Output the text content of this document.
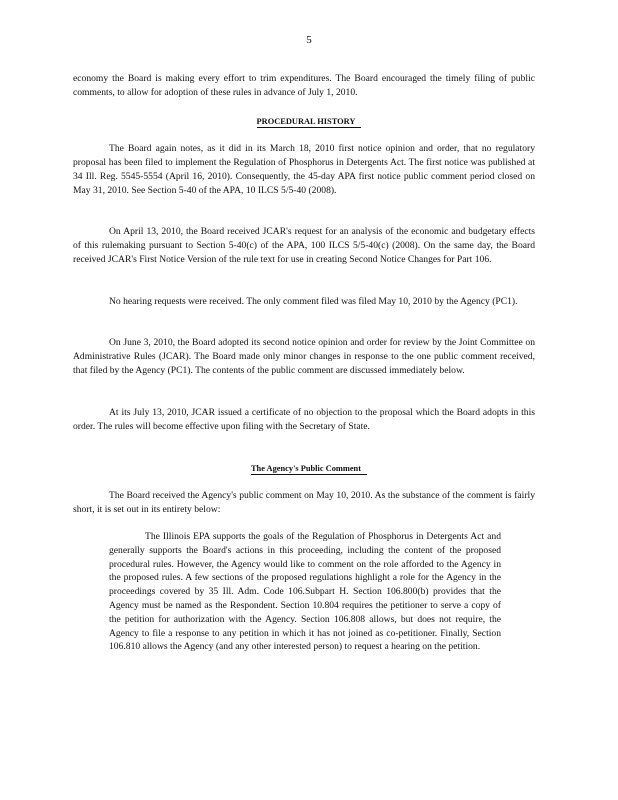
5

economy the Board is making every effort to trim expenditures. The Board encouraged the timely filing of public comments, to allow for adoption of these rules in advance of July 1, 2010.

PROCEDURAL HISTORY

The Board again notes, as it did in its March 18, 2010 first notice opinion and order, that no regulatory proposal has been filed to implement the Regulation of Phosphorus in Detergents Act. The first notice was published at 34 Ill. Reg. 5545-5554 (April 16, 2010). Consequently, the 45-day APA first notice public comment period closed on May 31, 2010. See Section 5-40 of the APA, 10 ILCS 5/5-40 (2008).

On April 13, 2010, the Board received JCAR's request for an analysis of the economic and budgetary effects of this rulemaking pursuant to Section 5-40(c) of the APA, 100 ILCS 5/5-40(c) (2008). On the same day, the Board received JCAR's First Notice Version of the rule text for use in creating Second Notice Changes for Part 106.

No hearing requests were received. The only comment filed was filed May 10, 2010 by the Agency (PC1).

On June 3, 2010, the Board adopted its second notice opinion and order for review by the Joint Committee on Administrative Rules (JCAR). The Board made only minor changes in response to the one public comment received, that filed by the Agency (PC1). The contents of the public comment are discussed immediately below.

At its July 13, 2010, JCAR issued a certificate of no objection to the proposal which the Board adopts in this order. The rules will become effective upon filing with the Secretary of State.

The Agency's Public Comment

The Board received the Agency's public comment on May 10, 2010. As the substance of the comment is fairly short, it is set out in its entirety below:

The Illinois EPA supports the goals of the Regulation of Phosphorus in Detergents Act and generally supports the Board's actions in this proceeding, including the content of the proposed procedural rules. However, the Agency would like to comment on the role afforded to the Agency in the proposed rules. A few sections of the proposed regulations highlight a role for the Agency in the proceedings covered by 35 Ill. Adm. Code 106.Subpart H. Section 106.800(b) provides that the Agency must be named as the Respondent. Section 10.804 requires the petitioner to serve a copy of the petition for authorization with the Agency. Section 106.808 allows, but does not require, the Agency to file a response to any petition in which it has not joined as co-petitioner. Finally, Section 106.810 allows the Agency (and any other interested person) to request a hearing on the petition.
